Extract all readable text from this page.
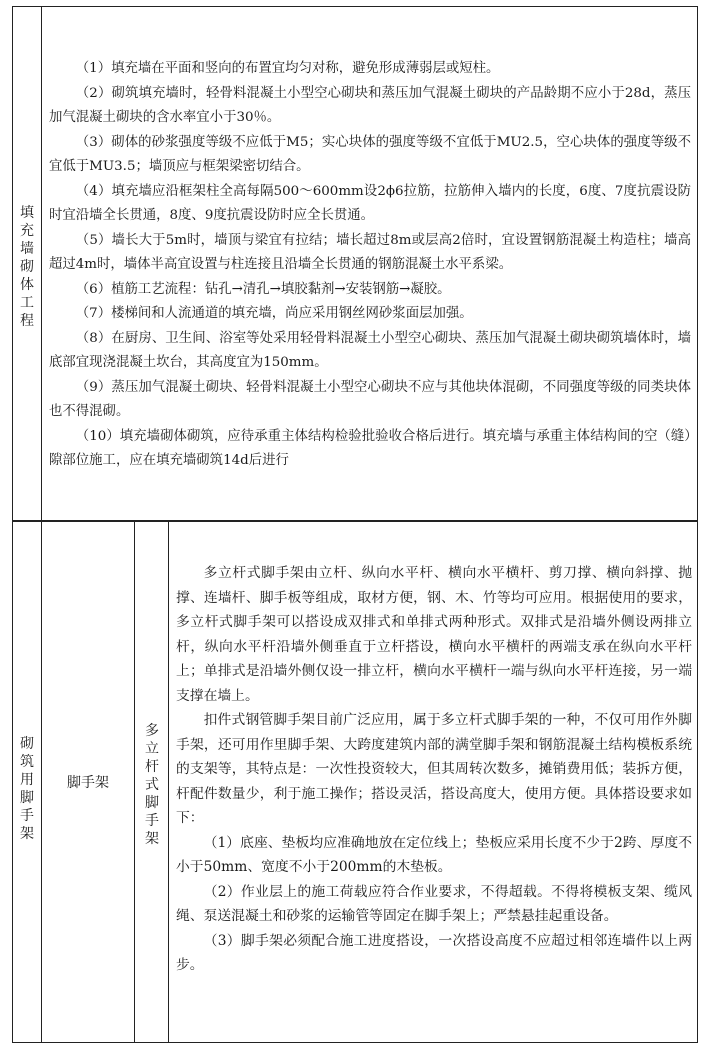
填充墙砌体工程

（1）填充墙在平面和竖向的布置宜均匀对称，避免形成薄弱层或短柱。

（2）砌筑填充墙时，轻骨料混凝土小型空心砌块和蒸压加气混凝土砌块的产品龄期不应小于28d，蒸压加气混凝土砌块的含水率宜小于30％。

（3）砌体的砂浆强度等级不应低于M5；实心块体的强度等级不宜低于MU2.5，空心块体的强度等级不宜低于MU3.5；墙顶应与框架梁密切结合。

（4）填充墙应沿框架柱全高每隔500～600mm设2ϕ6拉筋，拉筋伸入墙内的长度，6度、7度抗震设防时宜沿墙全长贯通，8度、9度抗震设防时应全长贯通。

（5）墙长大于5m时，墙顶与梁宜有拉结；墙长超过8m或层高2倍时，宜设置钢筋混凝土构造柱；墙高超过4m时，墙体半高宜设置与柱连接且沿墙全长贯通的钢筋混凝土水平系梁。

（6）植筋工艺流程：钻孔→清孔→填胶黏剂→安装钢筋→凝胶。

（7）楼梯间和人流通道的填充墙，尚应采用钢丝网砂浆面层加强。

（8）在厨房、卫生间、浴室等处采用轻骨料混凝土小型空心砌块、蒸压加气混凝土砌块砌筑墙体时，墙底部宜现浇混凝土坎台，其高度宜为150mm。

（9）蒸压加气混凝土砌块、轻骨料混凝土小型空心砌块不应与其他块体混砌，不同强度等级的同类块体也不得混砌。

（10）填充墙砌体砌筑，应待承重主体结构检验批验收合格后进行。填充墙与承重主体结构间的空（缝）隙部位施工，应在填充墙砌筑14d后进行

砌筑用脚手架
脚手架
多立杆式脚手架

多立杆式脚手架由立杆、纵向水平杆、横向水平横杆、剪刀撑、横向斜撑、抛撑、连墙杆、脚手板等组成，取材方便，钢、木、竹等均可应用。根据使用的要求，多立杆式脚手架可以搭设成双排式和单排式两种形式。双排式是沿墙外侧设两排立杆，纵向水平杆沿墙外侧垂直于立杆搭设，横向水平横杆的两端支承在纵向水平杆上；单排式是沿墙外侧仅设一排立杆，横向水平横杆一端与纵向水平杆连接，另一端支撑在墙上。

扣件式钢管脚手架目前广泛应用，属于多立杆式脚手架的一种，不仅可用作外脚手架，还可用作里脚手架、大跨度建筑内部的满堂脚手架和钢筋混凝土结构模板系统的支架等，其特点是：一次性投资较大，但其周转次数多，摊销费用低；装拆方便，杆配件数量少，利于施工操作；搭设灵活，搭设高度大，使用方便。具体搭设要求如下：

（1）底座、垫板均应准确地放在定位线上；垫板应采用长度不少于2跨、厚度不小于50mm、宽度不小于200mm的木垫板。

（2）作业层上的施工荷载应符合作业要求，不得超载。不得将模板支架、缆风绳、泵送混凝土和砂浆的运输管等固定在脚手架上；严禁悬挂起重设备。

（3）脚手架必须配合施工进度搭设，一次搭设高度不应超过相邻连墙件以上两步。
